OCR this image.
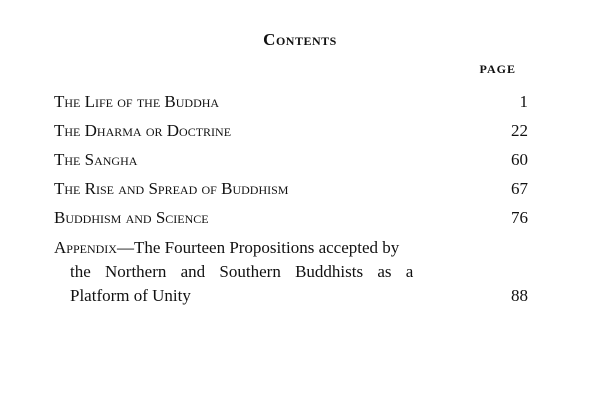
Contents
PAGE
The Life of the Buddha	1
The Dharma or Doctrine	22
The Sangha	60
The Rise and Spread of Buddhism	67
Buddhism and Science	76
Appendix—The Fourteen Propositions accepted by
the Northern and Southern Buddhists as a
Platform of Unity	88
